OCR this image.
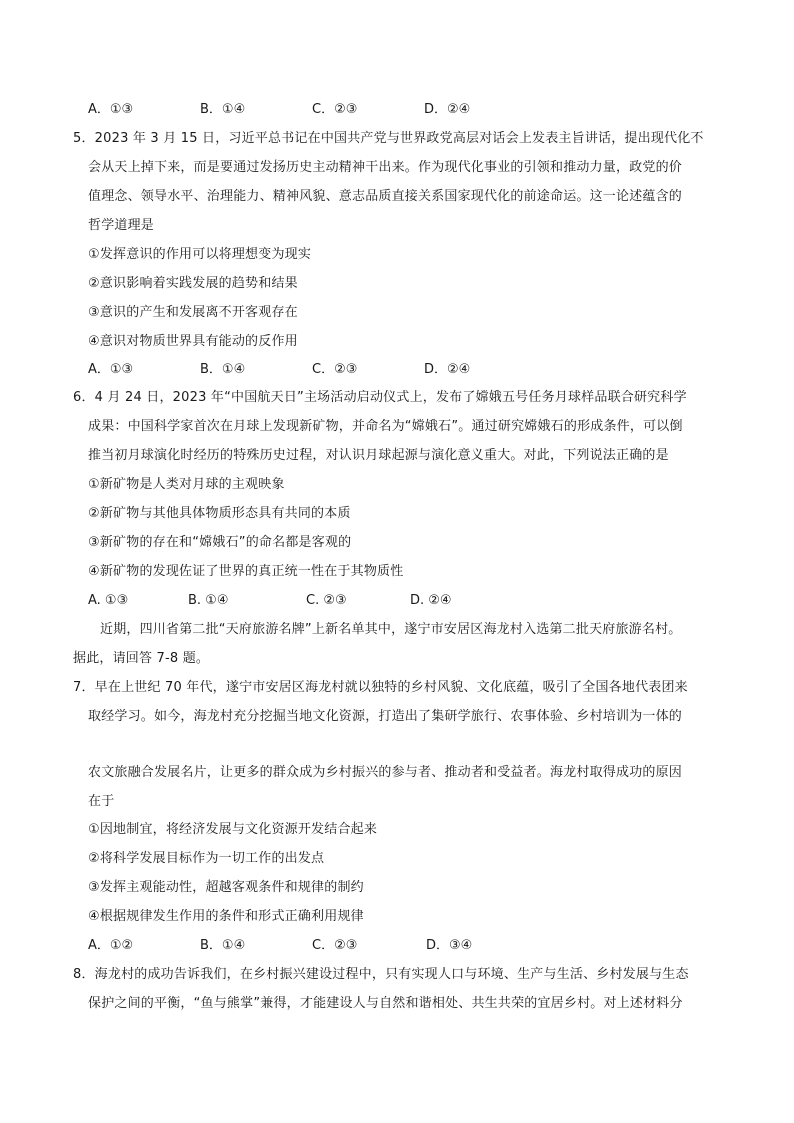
A．①③	B．①④	C．②③	D．②④
5．2023 年 3 月 15 日，习近平总书记在中国共产党与世界政党高层对话会上发表主旨讲话，提出现代化不
会从天上掉下来，而是要通过发扬历史主动精神干出来。作为现代化事业的引领和推动力量，政党的价
值理念、领导水平、治理能力、精神风貌、意志品质直接关系国家现代化的前途命运。这一论述蕴含的
哲学道理是
①发挥意识的作用可以将理想变为现实
②意识影响着实践发展的趋势和结果
③意识的产生和发展离不开客观存在
④意识对物质世界具有能动的反作用
A．①③	B．①④	C．②③	D．②④
6．4 月 24 日，2023 年“中国航天日”主场活动启动仪式上，发布了嫦娥五号任务月球样品联合研究科学
成果：中国科学家首次在月球上发现新矿物，并命名为“嫦娥石”。通过研究嫦娥石的形成条件，可以倒
推当初月球演化时经历的特殊历史过程，对认识月球起源与演化意义重大。对此，下列说法正确的是
①新矿物是人类对月球的主观映象
②新矿物与其他具体物质形态具有共同的本质
③新矿物的存在和“嫦娥石”的命名都是客观的
④新矿物的发现佐证了世界的真正统一性在于其物质性
A. ①③	B. ①④	C. ②③	D. ②④
近期，四川省第二批“天府旅游名牌”上新名单其中，遂宁市安居区海龙村入选第二批天府旅游名村。
据此，请回答 7-8 题。
7．早在上世纪 70 年代，遂宁市安居区海龙村就以独特的乡村风貌、文化底蕴，吸引了全国各地代表团来
取经学习。如今，海龙村充分挖掘当地文化资源，打造出了集研学旅行、农事体验、乡村培训为一体的
农文旅融合发展名片，让更多的群众成为乡村振兴的参与者、推动者和受益者。海龙村取得成功的原因
在于
①因地制宜，将经济发展与文化资源开发结合起来
②将科学发展目标作为一切工作的出发点
③发挥主观能动性，超越客观条件和规律的制约
④根据规律发生作用的条件和形式正确利用规律
A．①②	B．①④	C．②③	D．③④
8．海龙村的成功告诉我们，在乡村振兴建设过程中，只有实现人口与环境、生产与生活、乡村发展与生态
保护之间的平衡，“鱼与熊掌”兼得，才能建设人与自然和谐相处、共生共荣的宜居乡村。对上述材料分
